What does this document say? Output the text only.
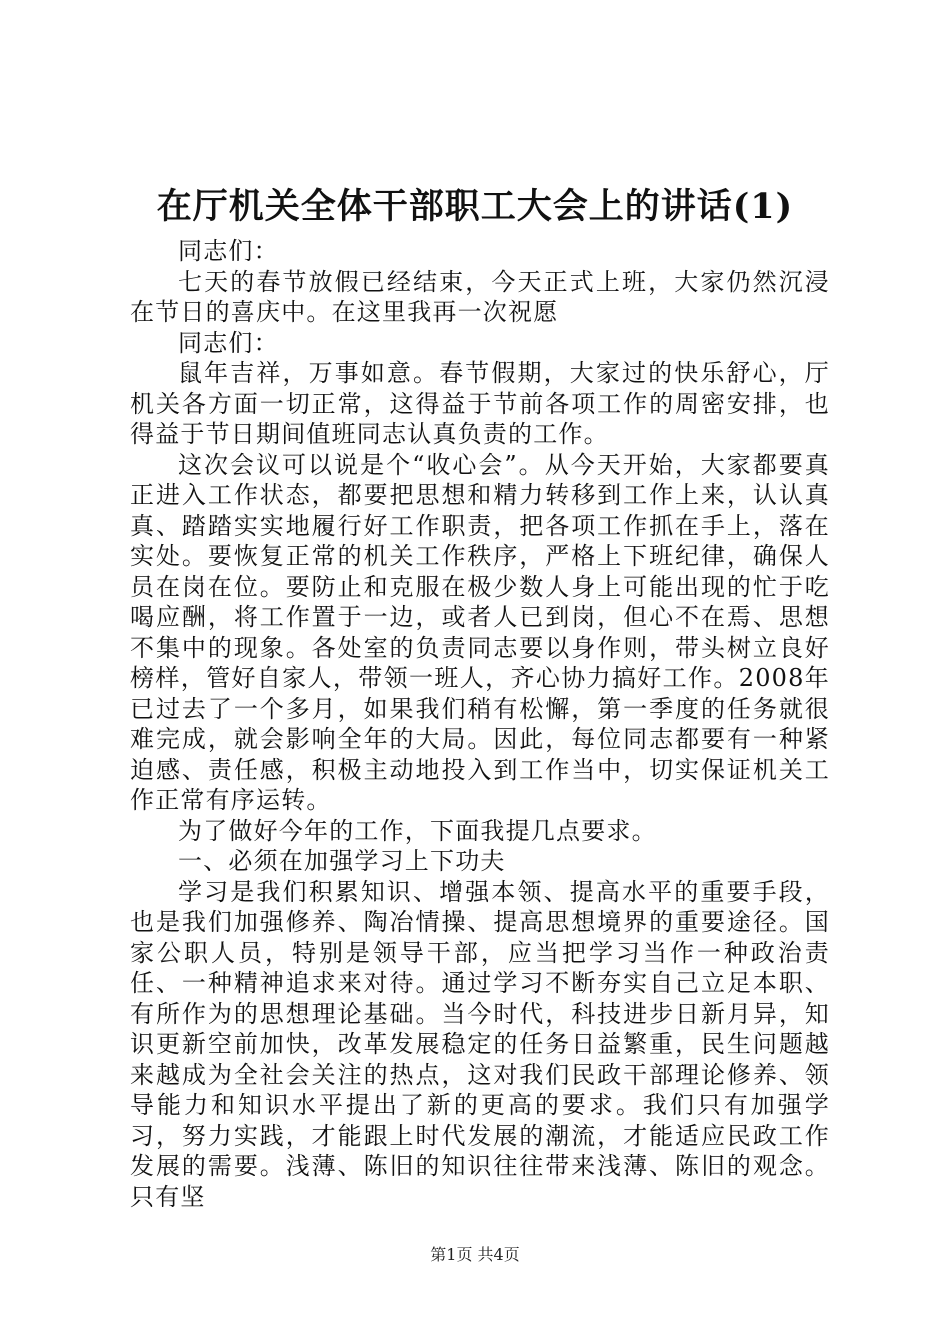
在厅机关全体干部职工大会上的讲话(1)

同志们：

七天的春节放假已经结束，今天正式上班，大家仍然沉浸在节日的喜庆中。在这里我再一次祝愿

同志们：

鼠年吉祥，万事如意。春节假期，大家过的快乐舒心，厅机关各方面一切正常，这得益于节前各项工作的周密安排，也得益于节日期间值班同志认真负责的工作。

这次会议可以说是个“收心会”。从今天开始，大家都要真正进入工作状态，都要把思想和精力转移到工作上来，认认真真、踏踏实实地履行好工作职责，把各项工作抓在手上，落在实处。要恢复正常的机关工作秩序，严格上下班纪律，确保人员在岗在位。要防止和克服在极少数人身上可能出现的忙于吃喝应酬，将工作置于一边，或者人已到岗，但心不在焉、思想不集中的现象。各处室的负责同志要以身作则，带头树立良好榜样，管好自家人，带领一班人，齐心协力搞好工作。2008年已过去了一个多月，如果我们稍有松懈，第一季度的任务就很难完成，就会影响全年的大局。因此，每位同志都要有一种紧迫感、责任感，积极主动地投入到工作当中，切实保证机关工作正常有序运转。

为了做好今年的工作，下面我提几点要求。

一、必须在加强学习上下功夫

学习是我们积累知识、增强本领、提高水平的重要手段，也是我们加强修养、陶冶情操、提高思想境界的重要途径。国家公职人员，特别是领导干部，应当把学习当作一种政治责任、一种精神追求来对待。通过学习不断夯实自己立足本职、有所作为的思想理论基础。当今时代，科技进步日新月异，知识更新空前加快，改革发展稳定的任务日益繁重，民生问题越来越成为全社会关注的热点，这对我们民政干部理论修养、领导能力和知识水平提出了新的更高的要求。我们只有加强学习，努力实践，才能跟上时代发展的潮流，才能适应民政工作发展的需要。浅薄、陈旧的知识往往带来浅薄、陈旧的观念。只有坚

第1页 共4页
